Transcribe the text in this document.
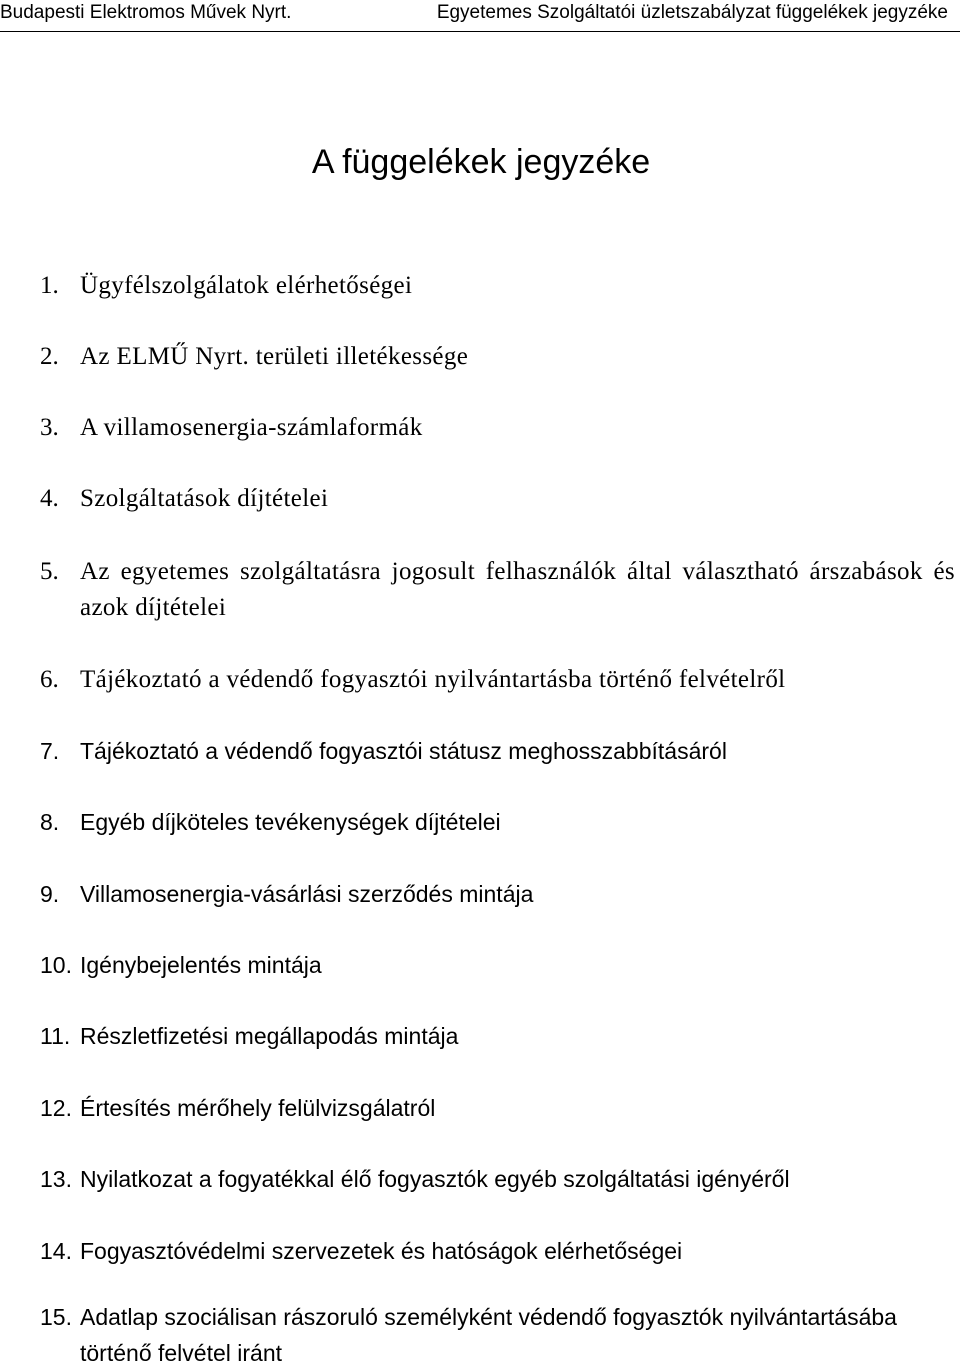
Budapesti Elektromos Művek Nyrt.	Egyetemes Szolgáltatói üzletszabályzat függelékek jegyzéke
A függelékek jegyzéke
1. Ügyfélszolgálatok elérhetőségei
2. Az ELMŰ Nyrt. területi illetékessége
3. A villamosenergia-számlaformák
4. Szolgáltatások díjtételei
5. Az egyetemes szolgáltatásra jogosult felhasználók által választható árszabások és azok díjtételei
6. Tájékoztató a védendő fogyasztói nyilvántartásba történő felvételről
7. Tájékoztató a védendő fogyasztói státusz meghosszabbításáról
8. Egyéb díjköteles tevékenységek díjtételei
9. Villamosenergia-vásárlási szerződés mintája
10. Igénybejelentés mintája
11. Részletfizetési megállapodás mintája
12. Értesítés mérőhely felülvizsgálatról
13. Nyilatkozat a fogyatékkal élő fogyasztók egyéb szolgáltatási igényéről
14. Fogyasztóvédelmi szervezetek és hatóságok elérhetőségei
15. Adatlap szociálisan rászoruló személyként védendő fogyasztók nyilvántartásába történő felvétel iránt
